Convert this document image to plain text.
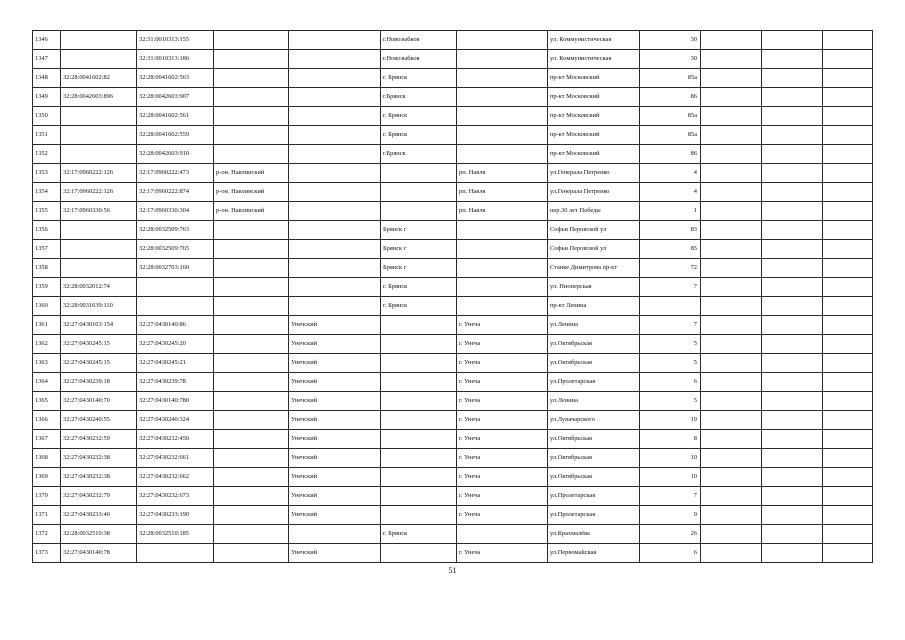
1346		32:31:0010313:155			г.Новозыбков		ул. Коммунистическая	30			
1347		32:31:0010313:186			г.Новозыбков		ул. Коммунистическая	30			
1348	32:28:0041602:82	32:28:0041602:563			г. Брянск		пр-кт Московский	85а			
1349	32:28:0042603:896	32:28:0042603:907			г.Брянск		пр-кт Московский	86			
1350		32:28:0041602:561			г. Брянск		пр-кт Московский	85а			
1351		32:28:0041602:559			г. Брянск		пр-кт Московский	85а			
1352		32:28:0042603:910			г.Брянск		пр-кт Московский	86			
1353	32:17:0960222:126	32:17:0960222:473	р-он. Навлинский			рп. Навля	ул.Генерала Петренко	4			
1354	32:17:0960222:126	32:17:0960222:874	р-он. Навлинский			рп. Навля	ул.Генерала Петренко	4			
1355	32:17:0960330:56	32:17:0960330:304	р-он. Навлинский			рп. Навля	пер.30 лет Победы	1			
1356		32:28:0032509:763			Брянск г		Софьи Перовской ул	83			
1357		32:28:0032509:765			Брянск г		Софьи Перовской ул	85			
1358		32:28:0032703:160			Брянск г		Станке Димитрова пр-кт	72			
1359	32:28:0032012:74				г. Брянск		ул. Пионерская	7			
1360	32:28:0031639:110				г. Брянск		пр-кт Ленина				
1361	32:27:0430103:154	32:27:0430140:86		Унечский		г. Унеча	ул.Ленина	7			
1362	32:27:0430245:15	32:27:0430245:20		Унечский		г. Унеча	ул.Октябрьская	5			
1363	32:27:0430245:15	32:27:0430245:21		Унечский		г. Унеча	ул.Октябрьская	5			
1364	32:27:0430239:18	32:27:0430239:78		Унечский		г. Унеча	ул.Пролетарская	6			
1365	32:27:0430140:70	32:27:0430140:780		Унечский		г. Унеча	ул.Ленина	5			
1366	32:27:0430240:55	32:27:0430240:324		Унечский		г. Унеча	ул.Луначарского	19			
1367	32:27:0430232:59	32:27:0430232:450		Унечский		г. Унеча	ул.Октябрьская	8			
1368	32:27:0430232:38	32:27:0430232:661		Унечский		г. Унеча	ул.Октябрьская	10			
1369	32:27:0430232:38	32:27:0430232:662		Унечский		г. Унеча	ул.Октябрьская	10			
1370	32:27:0430232:79	32:27:0430232:673		Унечский		г. Унеча	ул.Пролетарская	7			
1371	32:27:0430233:40	32:27:0430233:190		Унечский		г. Унеча	ул.Пролетарская	9			
1372	32:28:0032510:38	32:28:0032510:185			г. Брянск		ул.Крахмалёва	26			
1373	32:27:0430140:78			Унечский		г. Унеча	ул.Первомайская	6			
51
